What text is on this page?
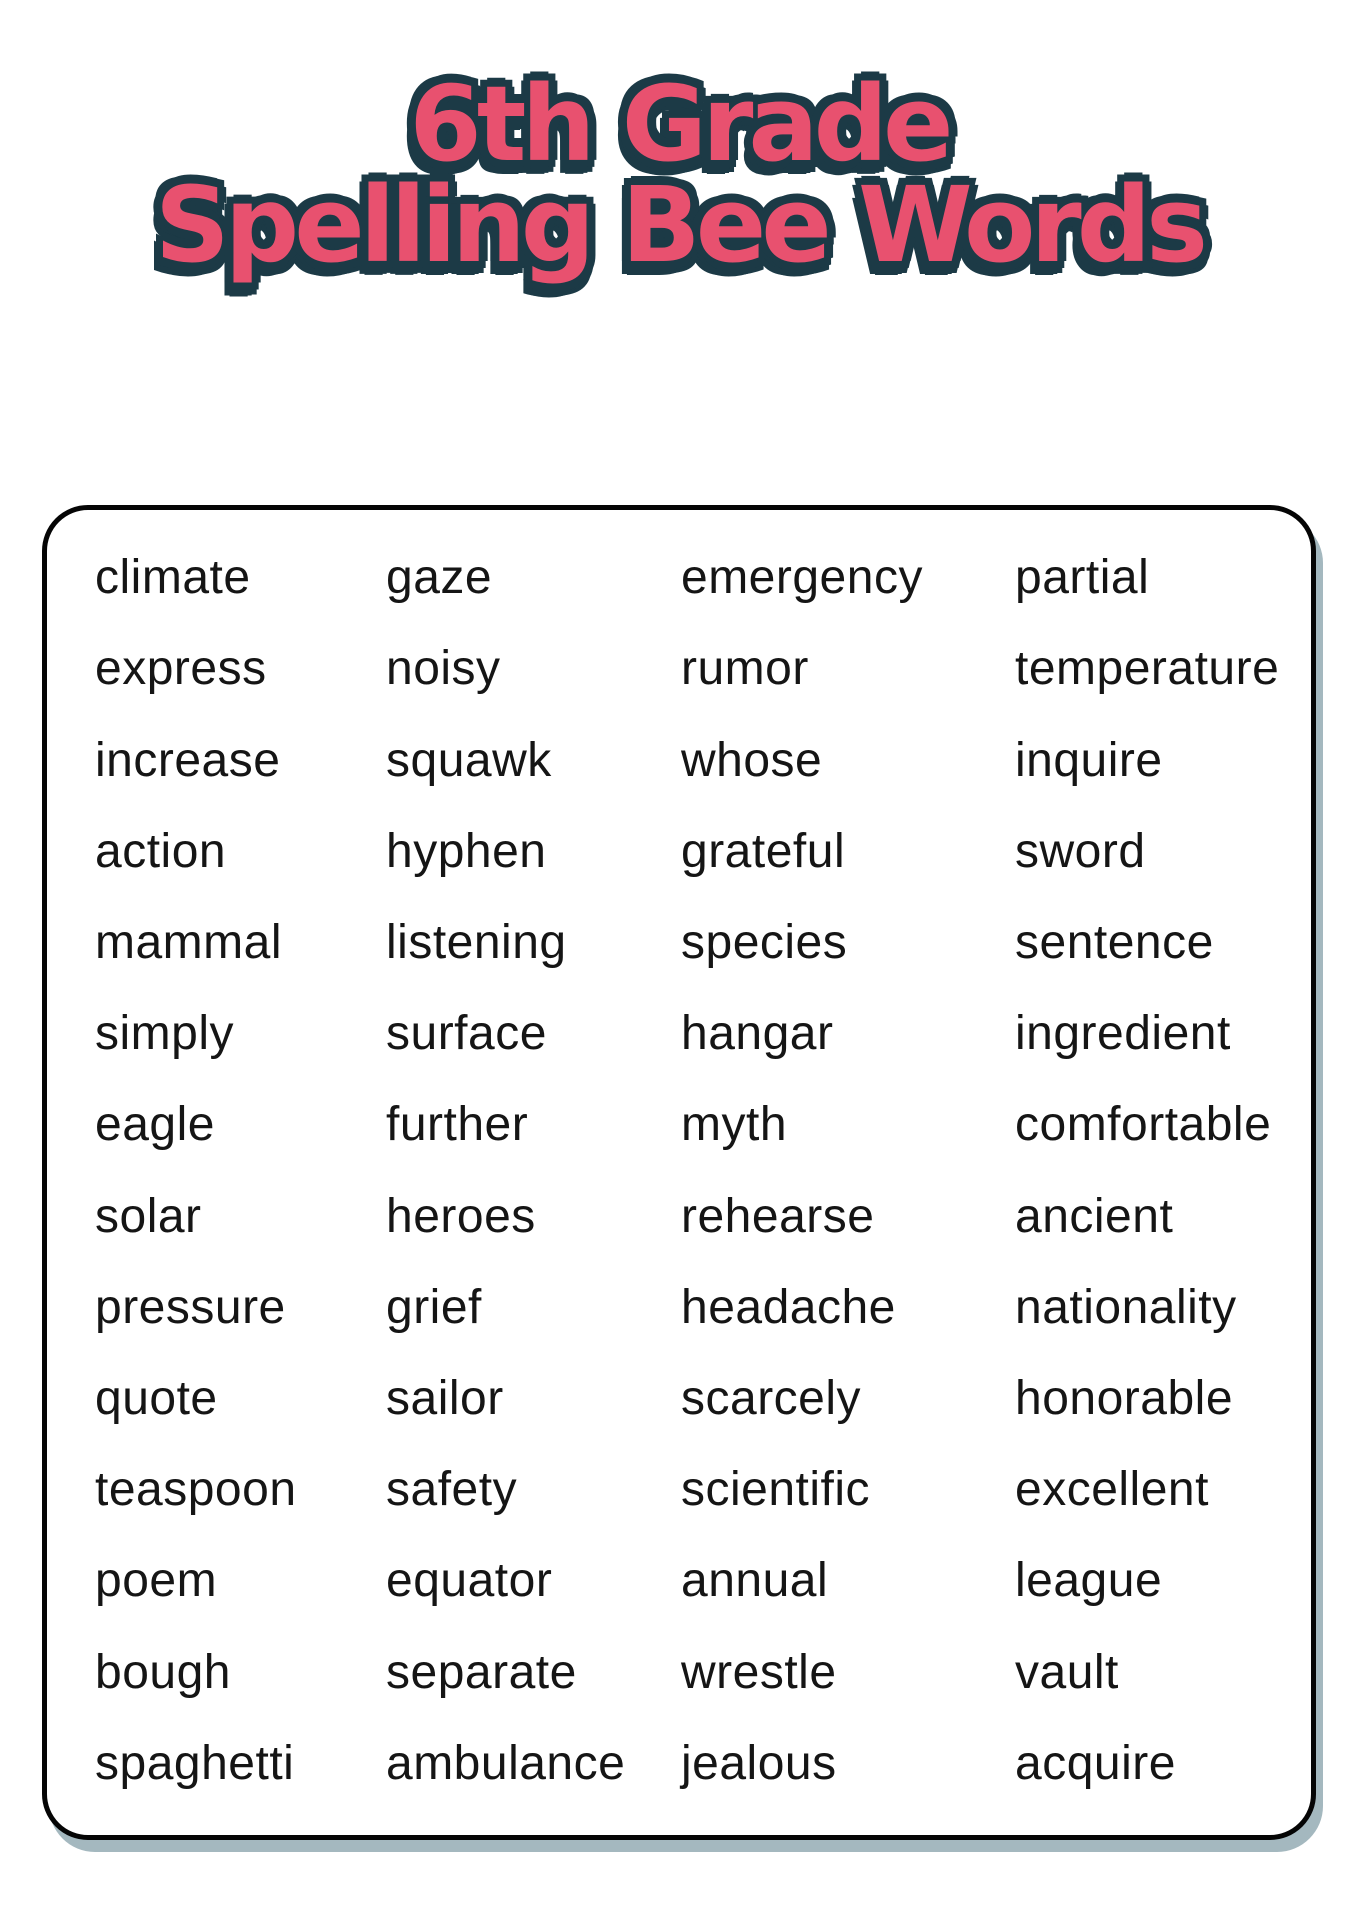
6th Grade
Spelling Bee Words
climate	gaze	emergency	partial
express	noisy	rumor	temperature
increase	squawk	whose	inquire
action	hyphen	grateful	sword
mammal	listening	species	sentence
simply	surface	hangar	ingredient
eagle	further	myth	comfortable
solar	heroes	rehearse	ancient
pressure	grief	headache	nationality
quote	sailor	scarcely	honorable
teaspoon	safety	scientific	excellent
poem	equator	annual	league
bough	separate	wrestle	vault
spaghetti	ambulance	jealous	acquire
